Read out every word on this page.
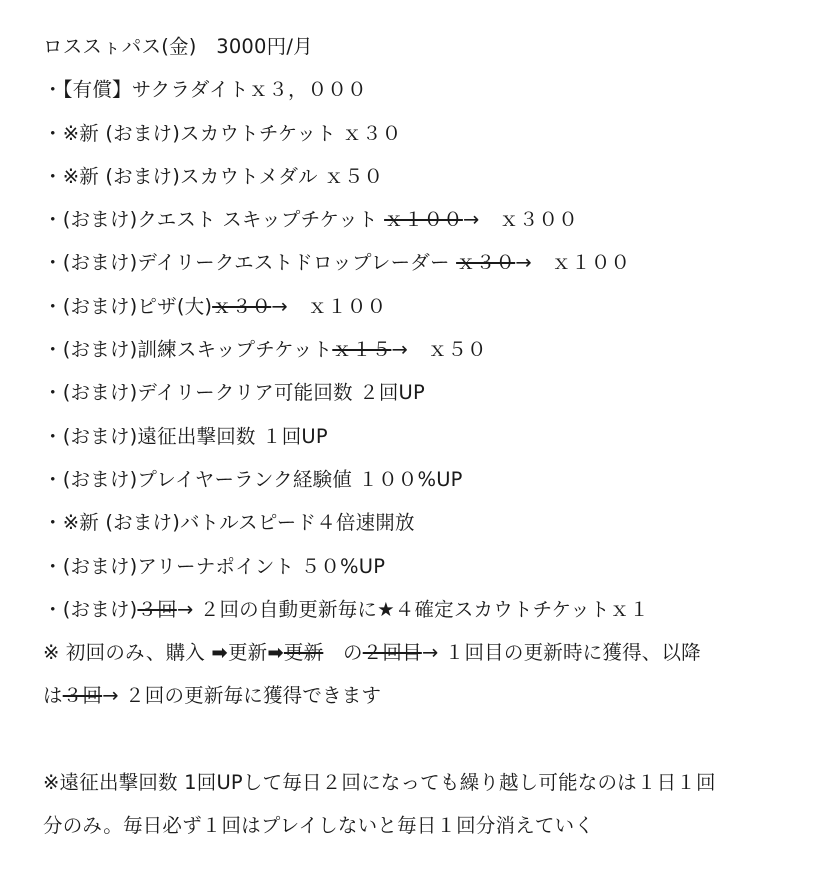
ロススㇳパス(金)　3000円/月
・【有償】サクラダイトｘ３，０００
・※新 (おまけ)スカウトチケット ｘ３０
・※新 (おまけ)スカウトメダル ｘ５０
・(おまけ)クエスト スキップチケット ｘ１００→　ｘ３００
・(おまけ)デイリークエストドロップレーダー ｘ３０→　ｘ１００
・(おまけ)ピザ(大)ｘ３０→　ｘ１００
・(おまけ)訓練スキップチケットｘ１５→　ｘ５０
・(おまけ)デイリークリア可能回数 ２回UP
・(おまけ)遠征出撃回数 １回UP
・(おまけ)プレイヤーランク経験値 １００%UP
・※新 (おまけ)バトルスピード４倍速開放
・(おまけ)アリーナポイント ５０%UP
・(おまけ)３回→ ２回の自動更新毎に★４確定スカウトチケットｘ１
※ 初回のみ、購入 ➡更新➡更新　の２回目→ １回目の更新時に獲得、以降
は３回→ ２回の更新毎に獲得できます
※遠征出撃回数 1回UPして毎日２回になっても繰り越し可能なのは１日１回
分のみ。毎日必ず１回はプレイしないと毎日１回分消えていく
